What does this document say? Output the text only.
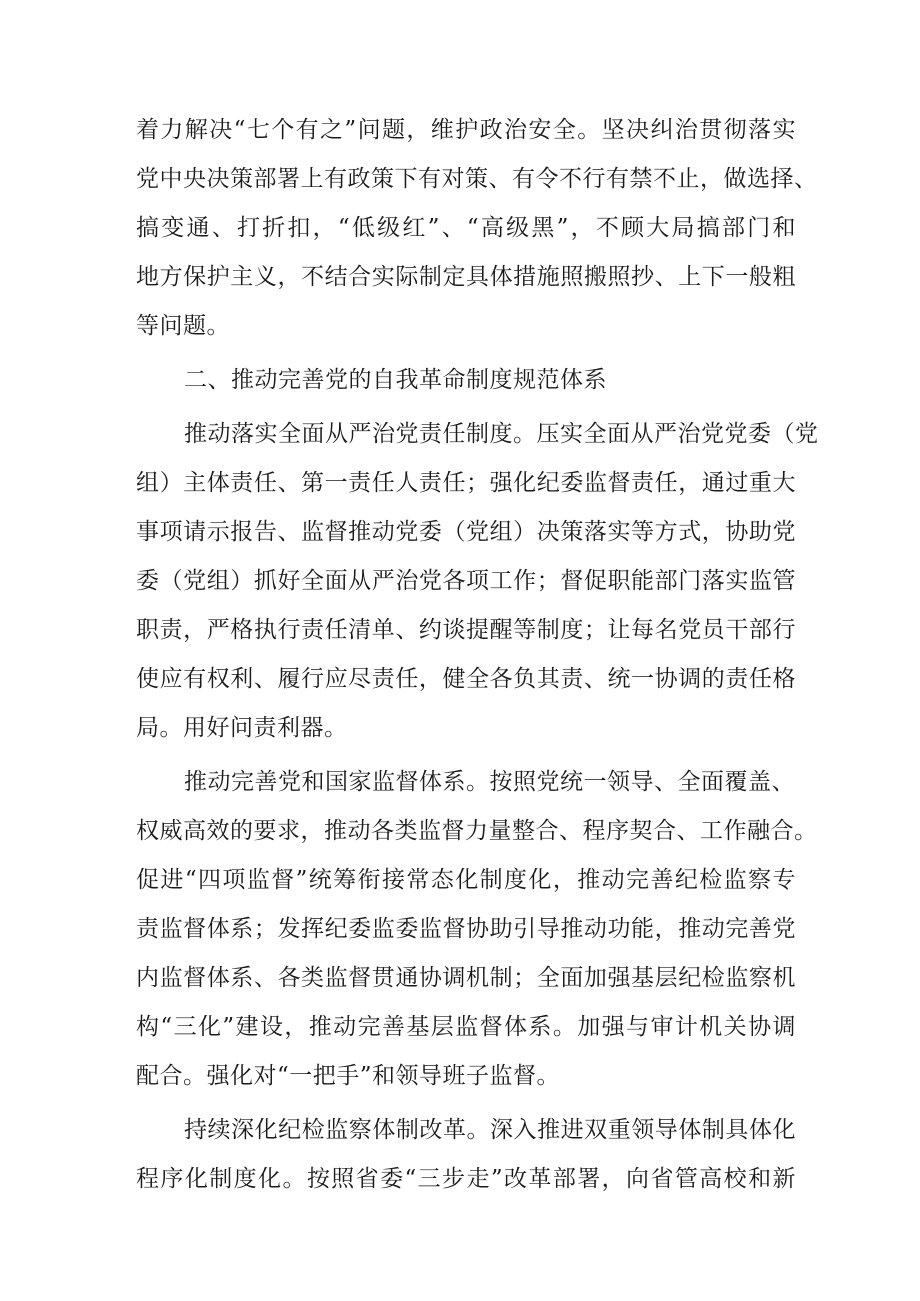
着力解决“七个有之”问题，维护政治安全。坚决纠治贯彻落实
党中央决策部署上有政策下有对策、有令不行有禁不止，做选择、
搞变通、打折扣，“低级红”、“高级黑”，不顾大局搞部门和
地方保护主义，不结合实际制定具体措施照搬照抄、上下一般粗
等问题。
二、推动完善党的自我革命制度规范体系
推动落实全面从严治党责任制度。压实全面从严治党党委（党
组）主体责任、第一责任人责任；强化纪委监督责任，通过重大
事项请示报告、监督推动党委（党组）决策落实等方式，协助党
委（党组）抓好全面从严治党各项工作；督促职能部门落实监管
职责，严格执行责任清单、约谈提醒等制度；让每名党员干部行
使应有权利、履行应尽责任，健全各负其责、统一协调的责任格
局。用好问责利器。
推动完善党和国家监督体系。按照党统一领导、全面覆盖、
权威高效的要求，推动各类监督力量整合、程序契合、工作融合。
促进“四项监督”统筹衔接常态化制度化，推动完善纪检监察专
责监督体系；发挥纪委监委监督协助引导推动功能，推动完善党
内监督体系、各类监督贯通协调机制；全面加强基层纪检监察机
构“三化”建设，推动完善基层监督体系。加强与审计机关协调
配合。强化对“一把手”和领导班子监督。
持续深化纪检监察体制改革。深入推进双重领导体制具体化
程序化制度化。按照省委“三步走”改革部署，向省管高校和新
